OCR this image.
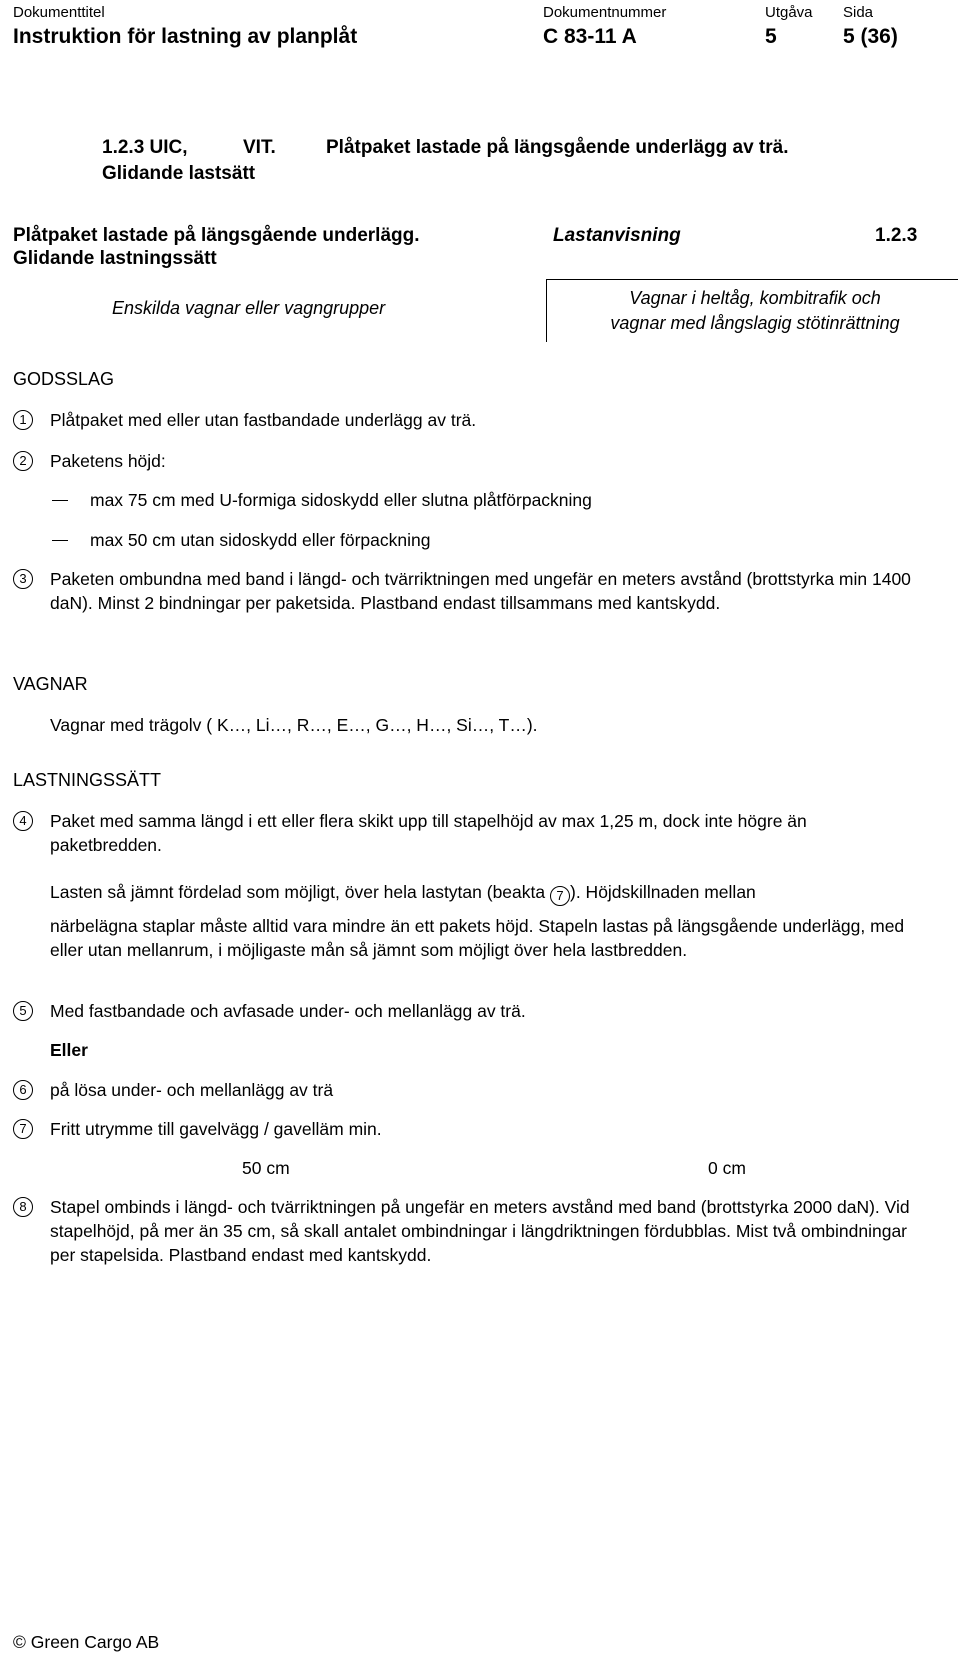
Dokumenttitel
Instruktion för lastning av planplåt
Dokumentnummer
C 83-11 A
Utgåva
5
Sida
5 (36)
1.2.3 UIC,	VIT.	Plåtpaket lastade på längsgående underlägg av trä.
Glidande lastsätt
Plåtpaket lastade på längsgående underlägg.
Glidande lastningssätt
Lastanvisning	1.2.3
Enskilda vagnar eller vagngrupper	Vagnar i heltåg, kombitrafik och
vagnar med långslagig stötinrättning
GODSSLAG
1	Plåtpaket med eller utan fastbandade underlägg av trä.
2	Paketens höjd:
max 75 cm med U-formiga sidoskydd eller slutna plåtförpackning
max 50 cm utan sidoskydd eller förpackning
3	Paketen ombundna med band i längd- och tvärriktningen med ungefär en meters avstånd (brottstyrka min 1400 daN). Minst 2 bindningar per paketsida. Plastband endast tillsammans med kantskydd.
VAGNAR
Vagnar med trägolv ( K…, Li…, R…, E…, G…, H…, Si…, T…).
LASTNINGSSÄTT
4	Paket med samma längd i ett eller flera skikt upp till stapelhöjd av max 1,25 m, dock inte högre än paketbredden.
Lasten så jämnt fördelad som möjligt, över hela lastytan (beakta 7 ). Höjdskillnaden mellan
närbelägna staplar måste alltid vara mindre än ett pakets höjd. Stapeln lastas på längsgående underlägg, med eller utan mellanrum, i möjligaste mån så jämnt som möjligt över hela lastbredden.
5	Med fastbandade och avfasade under- och mellanlägg av trä.
Eller
6	på lösa under- och mellanlägg av trä
7	Fritt utrymme till gavelvägg / gavelläm min.
50 cm	0 cm
8	Stapel ombinds i längd- och tvärriktningen på ungefär en meters avstånd med band (brottstyrka 2000 daN). Vid stapelhöjd, på mer än 35 cm, så skall antalet ombindningar i längdriktningen fördubblas. Mist två ombindningar per stapelsida. Plastband endast med kantskydd.
© Green Cargo AB
